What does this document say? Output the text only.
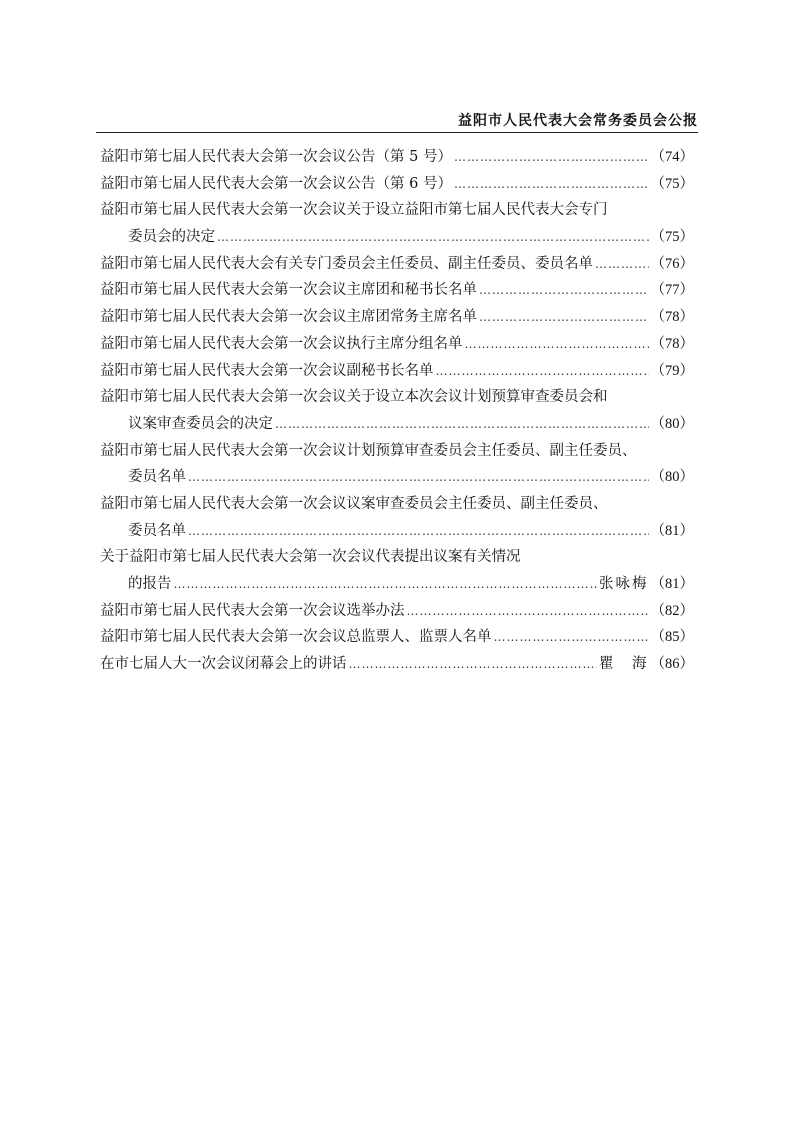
益阳市人民代表大会常务委员会公报
益阳市第七届人民代表大会第一次会议公告（第 5 号） …………………………………………………………………………………………………………………………………………………………………………………………	（74）
益阳市第七届人民代表大会第一次会议公告（第 6 号） …………………………………………………………………………………………………………………………………………………………………………………………	（75）
益阳市第七届人民代表大会第一次会议关于设立益阳市第七届人民代表大会专门
委员会的决定 …………………………………………………………………………………………………………………………………………………………………………………………	（75）
益阳市第七届人民代表大会有关专门委员会主任委员、副主任委员、委员名单 …………………………………………………………………………………………………………………………………………………………………………………………	（76）
益阳市第七届人民代表大会第一次会议主席团和秘书长名单 …………………………………………………………………………………………………………………………………………………………………………………………	（77）
益阳市第七届人民代表大会第一次会议主席团常务主席名单 …………………………………………………………………………………………………………………………………………………………………………………………	（78）
益阳市第七届人民代表大会第一次会议执行主席分组名单 …………………………………………………………………………………………………………………………………………………………………………………………	（78）
益阳市第七届人民代表大会第一次会议副秘书长名单 …………………………………………………………………………………………………………………………………………………………………………………………	（79）
益阳市第七届人民代表大会第一次会议关于设立本次会议计划预算审查委员会和
议案审查委员会的决定 …………………………………………………………………………………………………………………………………………………………………………………………	（80）
益阳市第七届人民代表大会第一次会议计划预算审查委员会主任委员、副主任委员、
委员名单 …………………………………………………………………………………………………………………………………………………………………………………………	（80）
益阳市第七届人民代表大会第一次会议议案审查委员会主任委员、副主任委员、
委员名单 …………………………………………………………………………………………………………………………………………………………………………………………	（81）
关于益阳市第七届人民代表大会第一次会议代表提出议案有关情况
的报告 …………………………………………………………………………………………………………………………………………………………………………………………	张咏梅 （81）
益阳市第七届人民代表大会第一次会议选举办法 …………………………………………………………………………………………………………………………………………………………………………………………	（82）
益阳市第七届人民代表大会第一次会议总监票人、监票人名单 …………………………………………………………………………………………………………………………………………………………………………………………	（85）
在市七届人大一次会议闭幕会上的讲话 …………………………………………………………………………………………………………………………………………………………………………………………	瞿　海 （86）
